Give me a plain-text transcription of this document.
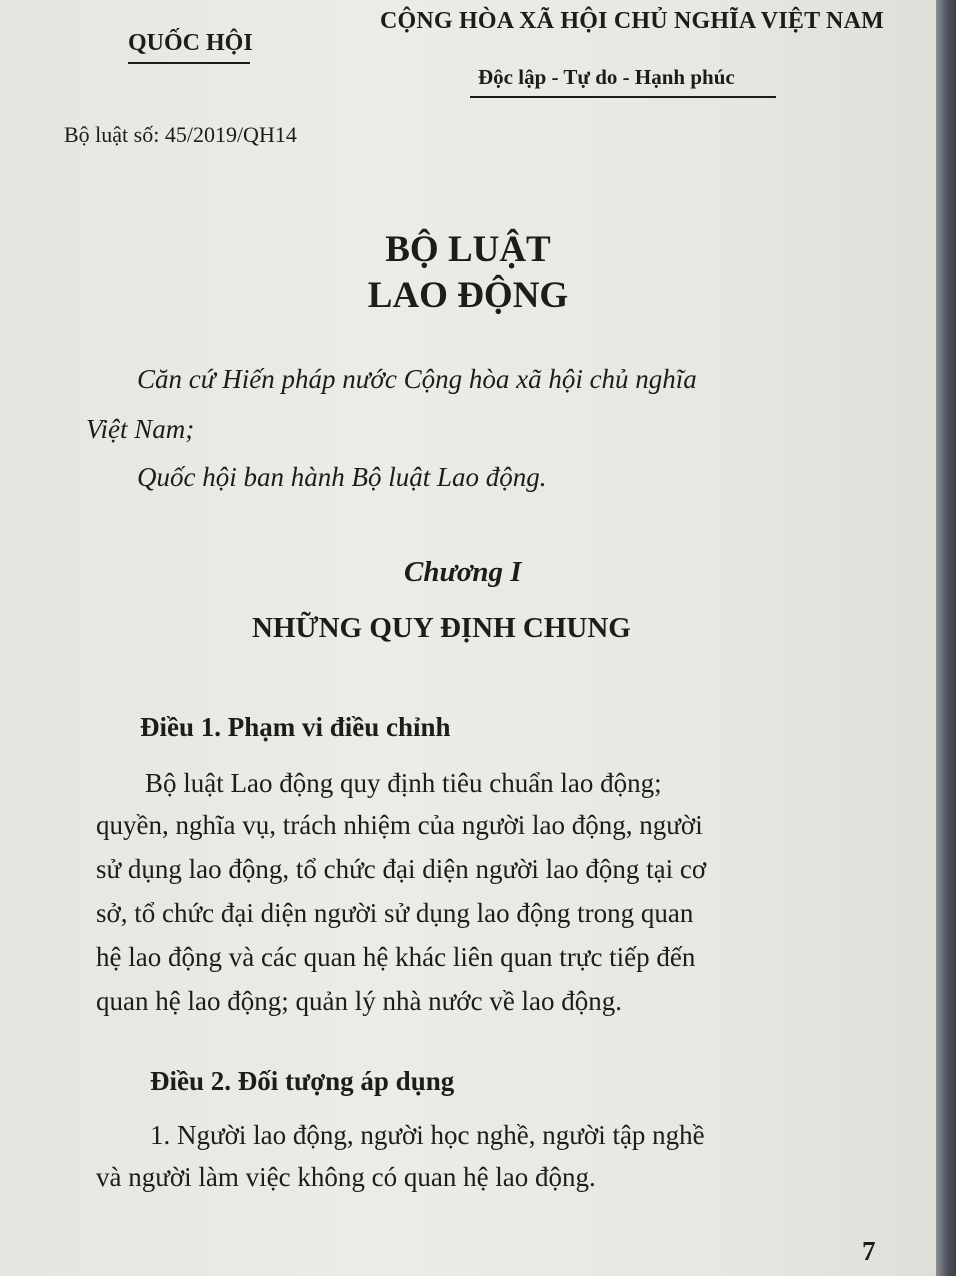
QUỐC HỘI
CỘNG HÒA XÃ HỘI CHỦ NGHĨA VIỆT NAM
Độc lập - Tự do - Hạnh phúc
Bộ luật số: 45/2019/QH14
BỘ LUẬT
LAO ĐỘNG
Căn cứ Hiến pháp nước Cộng hòa xã hội chủ nghĩa
Việt Nam;
Quốc hội ban hành Bộ luật Lao động.
Chương I
NHỮNG QUY ĐỊNH CHUNG
Điều 1. Phạm vi điều chỉnh
Bộ luật Lao động quy định tiêu chuẩn lao động;
quyền, nghĩa vụ, trách nhiệm của người lao động, người
sử dụng lao động, tổ chức đại diện người lao động tại cơ
sở, tổ chức đại diện người sử dụng lao động trong quan
hệ lao động và các quan hệ khác liên quan trực tiếp đến
quan hệ lao động; quản lý nhà nước về lao động.
Điều 2. Đối tượng áp dụng
1. Người lao động, người học nghề, người tập nghề
và người làm việc không có quan hệ lao động.
7
